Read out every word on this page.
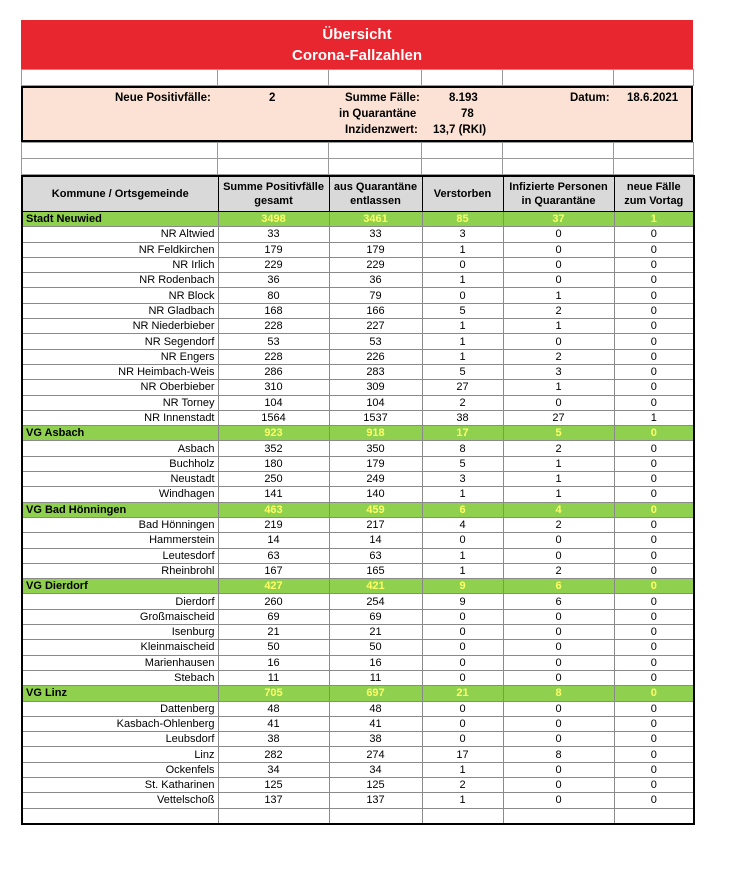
Übersicht
Corona-Fallzahlen

Neue Positivfälle:	2	Summe Fälle:	8.193
in Quarantäne	78
Inzidenzwert: 13,7 (RKI)
Datum: 18.6.2021

Kommune / Ortsgemeinde	Summe Positivfälle gesamt	aus Quarantäne entlassen	Verstorben	Infizierte Personen in Quarantäne	neue Fälle zum Vortag
Stadt Neuwied	3498	3461	85	37	1
NR Altwied	33	33	3	0	0
NR Feldkirchen	179	179	1	0	0
NR Irlich	229	229	0	0	0
NR Rodenbach	36	36	1	0	0
NR Block	80	79	0	1	0
NR Gladbach	168	166	5	2	0
NR Niederbieber	228	227	1	1	0
NR Segendorf	53	53	1	0	0
NR Engers	228	226	1	2	0
NR Heimbach-Weis	286	283	5	3	0
NR Oberbieber	310	309	27	1	0
NR Torney	104	104	2	0	0
NR Innenstadt	1564	1537	38	27	1
VG Asbach	923	918	17	5	0
Asbach	352	350	8	2	0
Buchholz	180	179	5	1	0
Neustadt	250	249	3	1	0
Windhagen	141	140	1	1	0
VG Bad Hönningen	463	459	6	4	0
Bad Hönningen	219	217	4	2	0
Hammerstein	14	14	0	0	0
Leutesdorf	63	63	1	0	0
Rheinbrohl	167	165	1	2	0
VG Dierdorf	427	421	9	6	0
Dierdorf	260	254	9	6	0
Großmaischeid	69	69	0	0	0
Isenburg	21	21	0	0	0
Kleinmaischeid	50	50	0	0	0
Marienhausen	16	16	0	0	0
Stebach	11	11	0	0	0
VG Linz	705	697	21	8	0
Dattenberg	48	48	0	0	0
Kasbach-Ohlenberg	41	41	0	0	0
Leubsdorf	38	38	0	0	0
Linz	282	274	17	8	0
Ockenfels	34	34	1	0	0
St. Katharinen	125	125	2	0	0
Vettelschoß	137	137	1	0	0
